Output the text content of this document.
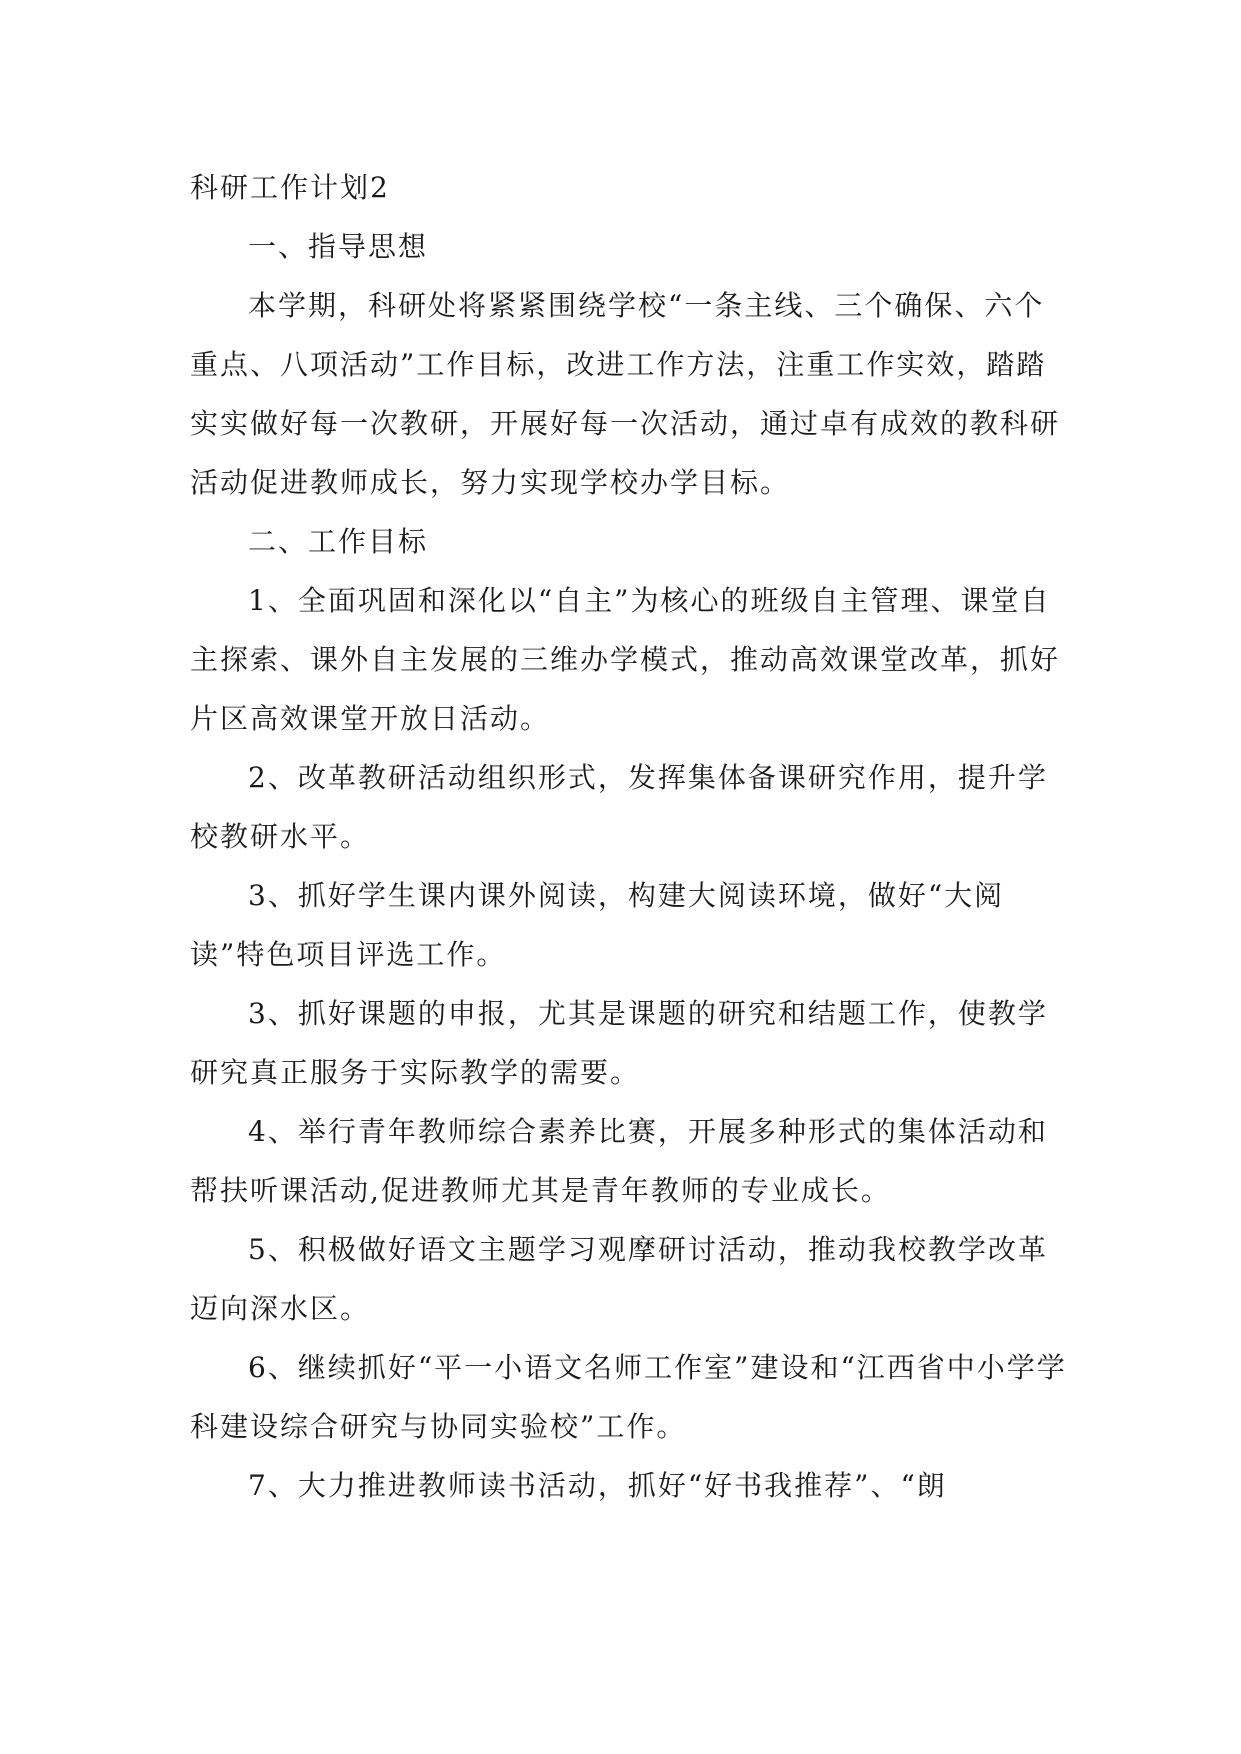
科研工作计划2

一、指导思想

本学期，科研处将紧紧围绕学校“一条主线、三个确保、六个重点、八项活动”工作目标，改进工作方法，注重工作实效，踏踏实实做好每一次教研，开展好每一次活动，通过卓有成效的教科研活动促进教师成长，努力实现学校办学目标。

二、工作目标

1、全面巩固和深化以“自主”为核心的班级自主管理、课堂自主探索、课外自主发展的三维办学模式，推动高效课堂改革，抓好片区高效课堂开放日活动。

2、改革教研活动组织形式，发挥集体备课研究作用，提升学校教研水平。

3、抓好学生课内课外阅读，构建大阅读环境，做好“大阅读”特色项目评选工作。

3、抓好课题的申报，尤其是课题的研究和结题工作，使教学研究真正服务于实际教学的需要。

4、举行青年教师综合素养比赛，开展多种形式的集体活动和帮扶听课活动,促进教师尤其是青年教师的专业成长。

5、积极做好语文主题学习观摩研讨活动，推动我校教学改革迈向深水区。

6、继续抓好“平一小语文名师工作室”建设和“江西省中小学学科建设综合研究与协同实验校”工作。

7、大力推进教师读书活动，抓好“好书我推荐”、“朗
